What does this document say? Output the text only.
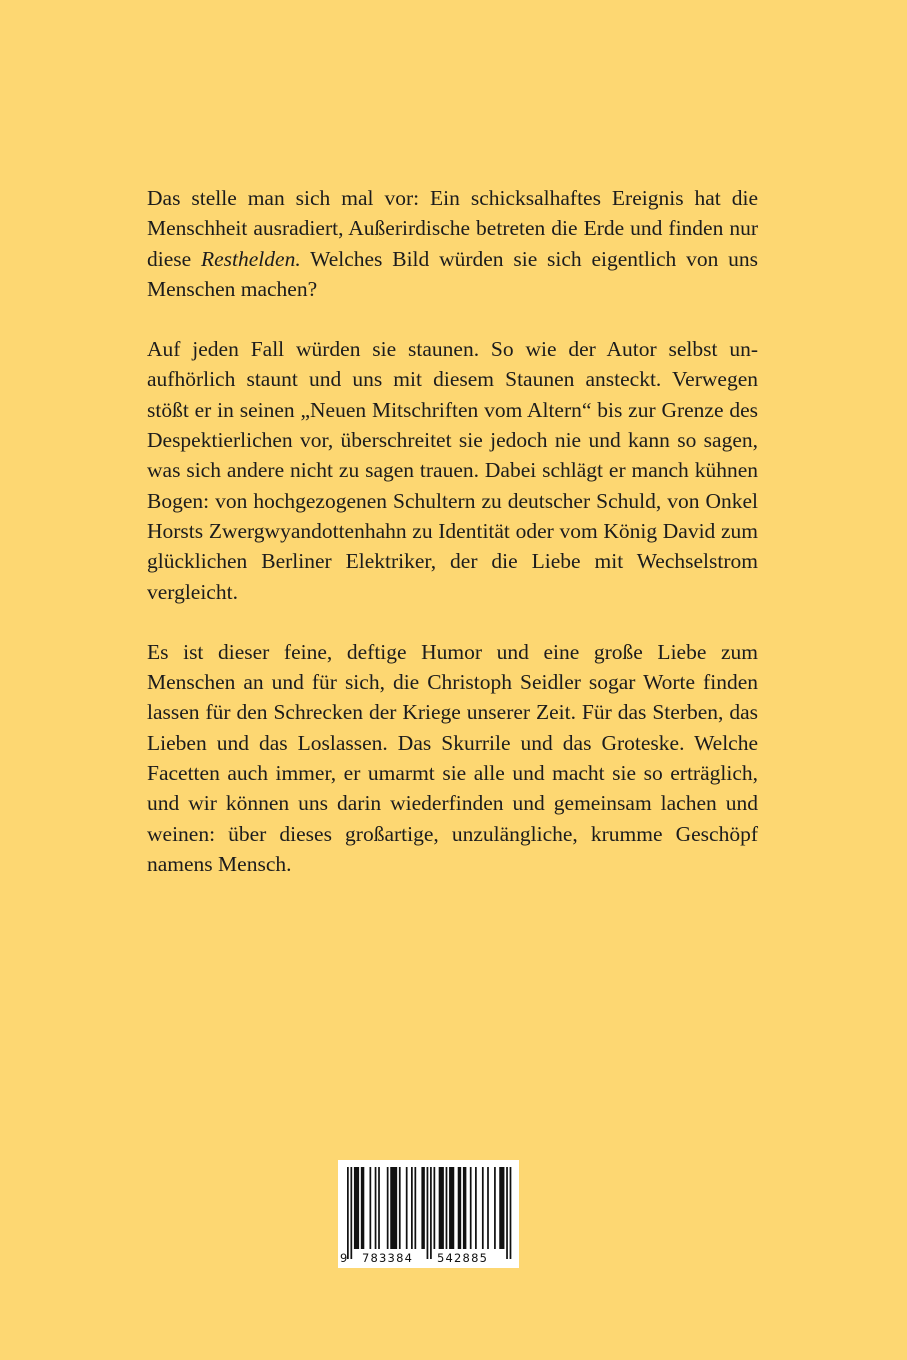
Das stelle man sich mal vor: Ein schicksalhaftes Ereignis hat die Menschheit ausradiert, Außerirdische betreten die Erde und finden nur diese Resthelden. Welches Bild würden sie sich eigentlich von uns Menschen machen?

Auf jeden Fall würden sie staunen. So wie der Autor selbst unaufhörlich staunt und uns mit diesem Staunen ansteckt. Verwegen stößt er in seinen „Neuen Mitschriften vom Altern“ bis zur Grenze des Despektierlichen vor, überschreitet sie jedoch nie und kann so sagen, was sich andere nicht zu sagen trauen. Dabei schlägt er manch kühnen Bogen: von hochgezogenen Schultern zu deutscher Schuld, von Onkel Horsts Zwergwyandottenhahn zu Identität oder vom König David zum glücklichen Berliner Elektriker, der die Liebe mit Wechselstrom vergleicht.

Es ist dieser feine, deftige Humor und eine große Liebe zum Menschen an und für sich, die Christoph Seidler sogar Worte finden lassen für den Schrecken der Kriege unserer Zeit. Für das Sterben, das Lieben und das Loslassen. Das Skurrile und das Groteske. Welche Facetten auch immer, er umarmt sie alle und macht sie so erträglich, und wir können uns darin wiederfinden und gemeinsam lachen und weinen: über dieses großartige, unzulängliche, krumme Geschöpf namens Mensch.

9 783384 542885
